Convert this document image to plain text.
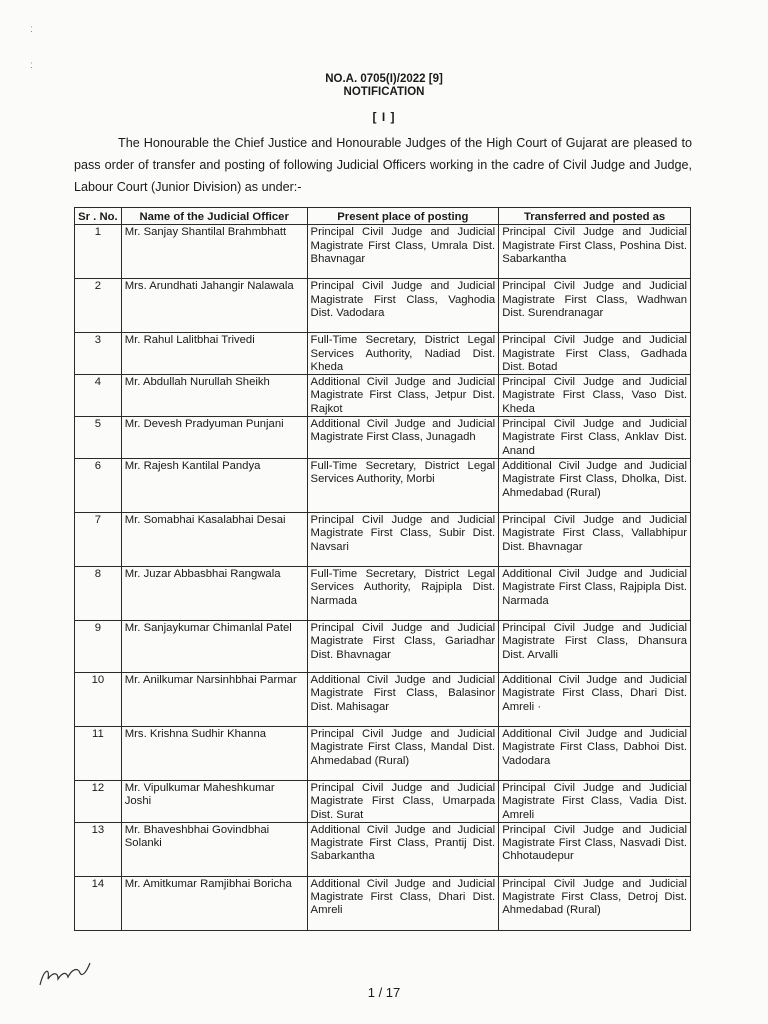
ː
ː
NO.A. 0705(I)/2022 [9]
NOTIFICATION
[ I ]
The Honourable the Chief Justice and Honourable Judges of the High Court of Gujarat are pleased to pass order of transfer and posting of following Judicial Officers working in the cadre of Civil Judge and Judge, Labour Court (Junior Division) as under:-
Sr . No.	Name of the Judicial Officer	Present place of posting	Transferred and posted as
1	Mr. Sanjay Shantilal Brahmbhatt	Principal Civil Judge and Judicial Magistrate First Class, Umrala Dist. Bhavnagar	Principal Civil Judge and Judicial Magistrate First Class, Poshina Dist. Sabarkantha
2	Mrs. Arundhati Jahangir Nalawala	Principal Civil Judge and Judicial Magistrate First Class, Vaghodia Dist. Vadodara	Principal Civil Judge and Judicial Magistrate First Class, Wadhwan Dist. Surendranagar
3	Mr. Rahul Lalitbhai Trivedi	Full-Time Secretary, District Legal Services Authority, Nadiad Dist. Kheda	Principal Civil Judge and Judicial Magistrate First Class, Gadhada Dist. Botad
4	Mr. Abdullah Nurullah Sheikh	Additional Civil Judge and Judicial Magistrate First Class, Jetpur Dist. Rajkot	Principal Civil Judge and Judicial Magistrate First Class, Vaso Dist. Kheda
5	Mr. Devesh Pradyuman Punjani	Additional Civil Judge and Judicial Magistrate First Class, Junagadh	Principal Civil Judge and Judicial Magistrate First Class, Anklav Dist. Anand
6	Mr. Rajesh Kantilal Pandya	Full-Time Secretary, District Legal Services Authority, Morbi	Additional Civil Judge and Judicial Magistrate First Class, Dholka, Dist. Ahmedabad (Rural)
7	Mr. Somabhai Kasalabhai Desai	Principal Civil Judge and Judicial Magistrate First Class, Subir Dist. Navsari	Principal Civil Judge and Judicial Magistrate First Class, Vallabhipur Dist. Bhavnagar
8	Mr. Juzar Abbasbhai Rangwala	Full-Time Secretary, District Legal Services Authority, Rajpipla Dist. Narmada	Additional Civil Judge and Judicial Magistrate First Class, Rajpipla Dist. Narmada
9	Mr. Sanjaykumar Chimanlal Patel	Principal Civil Judge and Judicial Magistrate First Class, Gariadhar Dist. Bhavnagar	Principal Civil Judge and Judicial Magistrate First Class, Dhansura Dist. Arvalli
10	Mr. Anilkumar Narsinhbhai Parmar	Additional Civil Judge and Judicial Magistrate First Class, Balasinor Dist. Mahisagar	Additional Civil Judge and Judicial Magistrate First Class, Dhari Dist. Amreli ·
11	Mrs. Krishna Sudhir Khanna	Principal Civil Judge and Judicial Magistrate First Class, Mandal Dist. Ahmedabad (Rural)	Additional Civil Judge and Judicial Magistrate First Class, Dabhoi Dist. Vadodara
12	Mr. Vipulkumar Maheshkumar Joshi	Principal Civil Judge and Judicial Magistrate First Class, Umarpada Dist. Surat	Principal Civil Judge and Judicial Magistrate First Class, Vadia Dist. Amreli
13	Mr. Bhaveshbhai Govindbhai Solanki	Additional Civil Judge and Judicial Magistrate First Class, Prantij Dist. Sabarkantha	Principal Civil Judge and Judicial Magistrate First Class, Nasvadi Dist. Chhotaudepur
14	Mr. Amitkumar Ramjibhai Boricha	Additional Civil Judge and Judicial Magistrate First Class, Dhari Dist. Amreli	Principal Civil Judge and Judicial Magistrate First Class, Detroj Dist. Ahmedabad (Rural)
1 / 17
